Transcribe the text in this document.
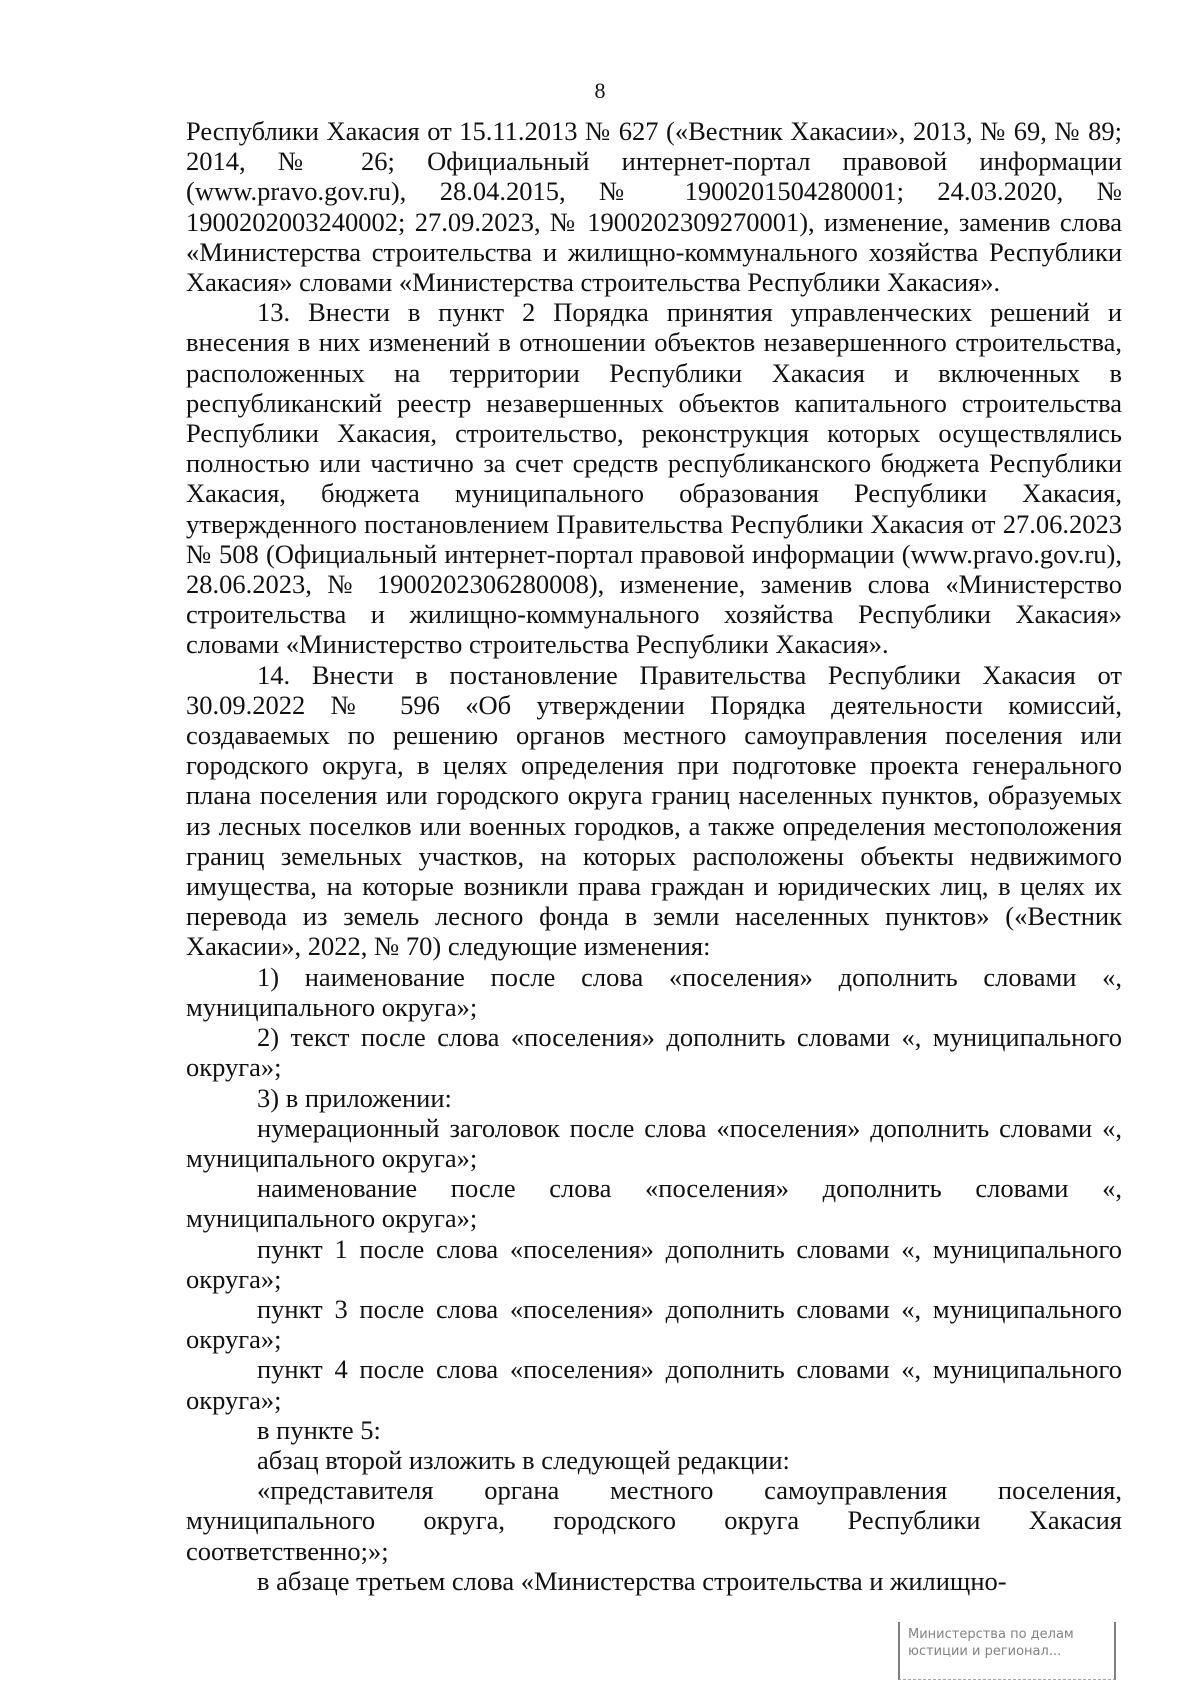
8

Республики Хакасия от 15.11.2013 № 627 («Вестник Хакасии», 2013, № 69, № 89; 2014, № 26; Официальный интернет-портал правовой информации (www.pravo.gov.ru), 28.04.2015, № 1900201504280001; 24.03.2020, № 1900202003240002; 27.09.2023, № 1900202309270001), изменение, заменив слова «Министерства строительства и жилищно-коммунального хозяйства Республики Хакасия» словами «Министерства строительства Республики Хакасия».

13. Внести в пункт 2 Порядка принятия управленческих решений и внесения в них изменений в отношении объектов незавершенного строительства, расположенных на территории Республики Хакасия и включенных в республиканский реестр незавершенных объектов капитального строительства Республики Хакасия, строительство, реконструкция которых осуществлялись полностью или частично за счет средств республиканского бюджета Республики Хакасия, бюджета муниципального образования Республики Хакасия, утвержденного постановлением Правительства Республики Хакасия от 27.06.2023 № 508 (Официальный интернет-портал правовой информации (www.pravo.gov.ru), 28.06.2023, № 1900202306280008), изменение, заменив слова «Министерство строительства и жилищно-коммунального хозяйства Республики Хакасия» словами «Министерство строительства Республики Хакасия».

14. Внести в постановление Правительства Республики Хакасия от 30.09.2022 № 596 «Об утверждении Порядка деятельности комиссий, создаваемых по решению органов местного самоуправления поселения или городского округа, в целях определения при подготовке проекта генерального плана поселения или городского округа границ населенных пунктов, образуемых из лесных поселков или военных городков, а также определения местоположения границ земельных участков, на которых расположены объекты недвижимого имущества, на которые возникли права граждан и юридических лиц, в целях их перевода из земель лесного фонда в земли населенных пунктов» («Вестник Хакасии», 2022, № 70) следующие изменения:

1) наименование после слова «поселения» дополнить словами «, муниципального округа»;

2) текст после слова «поселения» дополнить словами «, муниципального округа»;

3) в приложении:

нумерационный заголовок после слова «поселения» дополнить словами «, муниципального округа»;

наименование после слова «поселения» дополнить словами «, муниципального округа»;

пункт 1 после слова «поселения» дополнить словами «, муниципального округа»;

пункт 3 после слова «поселения» дополнить словами «, муниципального округа»;

пункт 4 после слова «поселения» дополнить словами «, муниципального округа»;

в пункте 5:

абзац второй изложить в следующей редакции:

«представителя органа местного самоуправления поселения, муниципального округа, городского округа Республики Хакасия соответственно;»;

в абзаце третьем слова «Министерства строительства и жилищно-

Министерства по делам
юстиции и регионал...
